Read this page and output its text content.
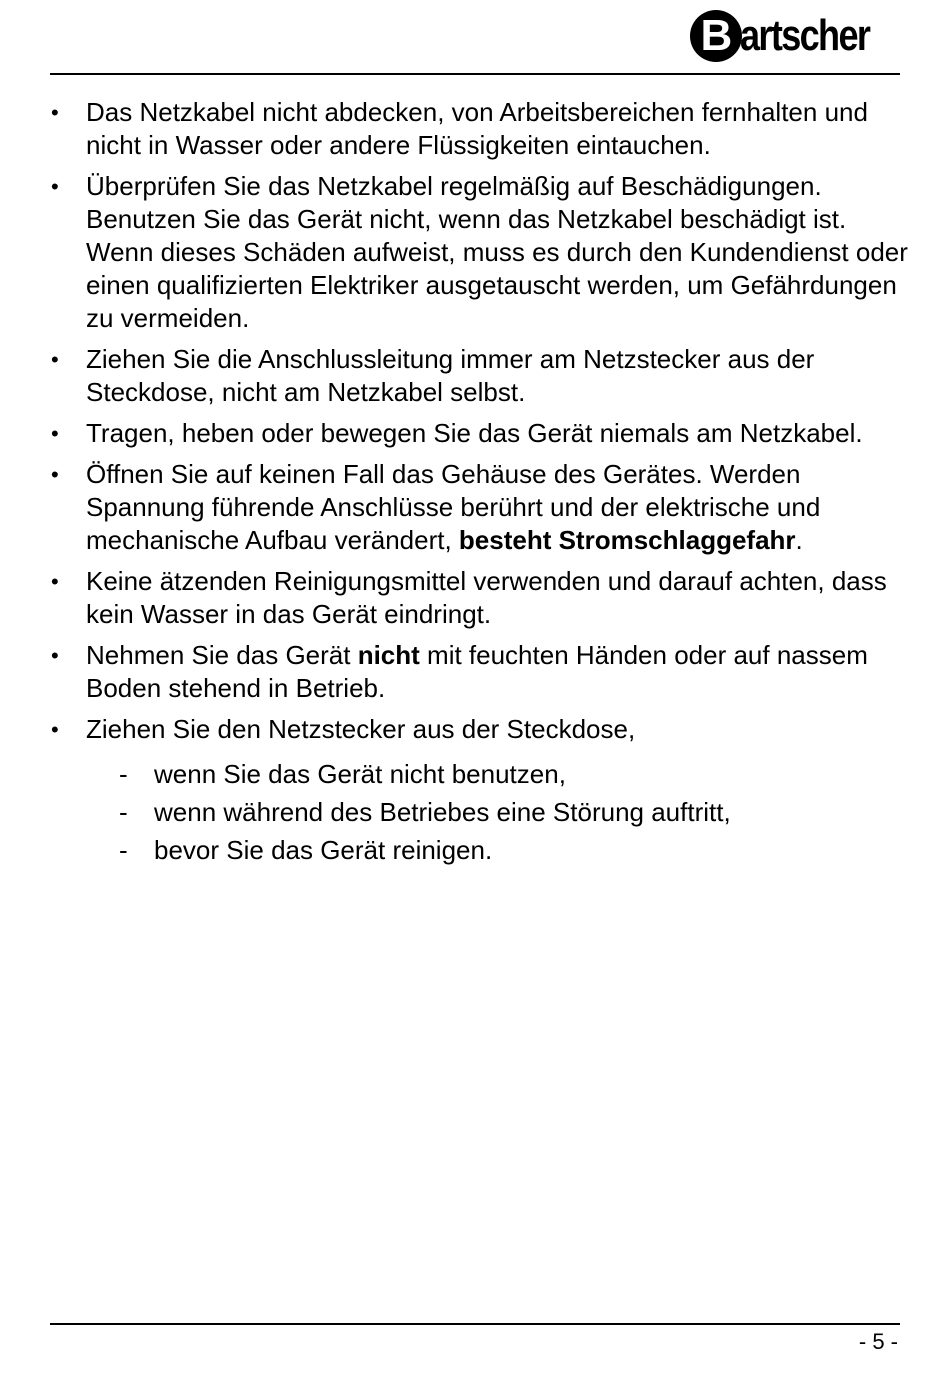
B artscher
• Das Netzkabel nicht abdecken, von Arbeitsbereichen fernhalten und nicht in Wasser oder andere Flüssigkeiten eintauchen.
• Überprüfen Sie das Netzkabel regelmäßig auf Beschädigungen. Benutzen Sie das Gerät nicht, wenn das Netzkabel beschädigt ist. Wenn dieses Schäden aufweist, muss es durch den Kundendienst oder einen qualifizierten Elektriker ausgetauscht werden, um Gefährdungen zu vermeiden.
• Ziehen Sie die Anschlussleitung immer am Netzstecker aus der Steckdose, nicht am Netzkabel selbst.
• Tragen, heben oder bewegen Sie das Gerät niemals am Netzkabel.
• Öffnen Sie auf keinen Fall das Gehäuse des Gerätes. Werden Spannung führende Anschlüsse berührt und der elektrische und mechanische Aufbau verändert, besteht Stromschlaggefahr.
• Keine ätzenden Reinigungsmittel verwenden und darauf achten, dass kein Wasser in das Gerät eindringt.
• Nehmen Sie das Gerät nicht mit feuchten Händen oder auf nassem Boden stehend in Betrieb.
• Ziehen Sie den Netzstecker aus der Steckdose,
- wenn Sie das Gerät nicht benutzen,
- wenn während des Betriebes eine Störung auftritt,
- bevor Sie das Gerät reinigen.
- 5 -
